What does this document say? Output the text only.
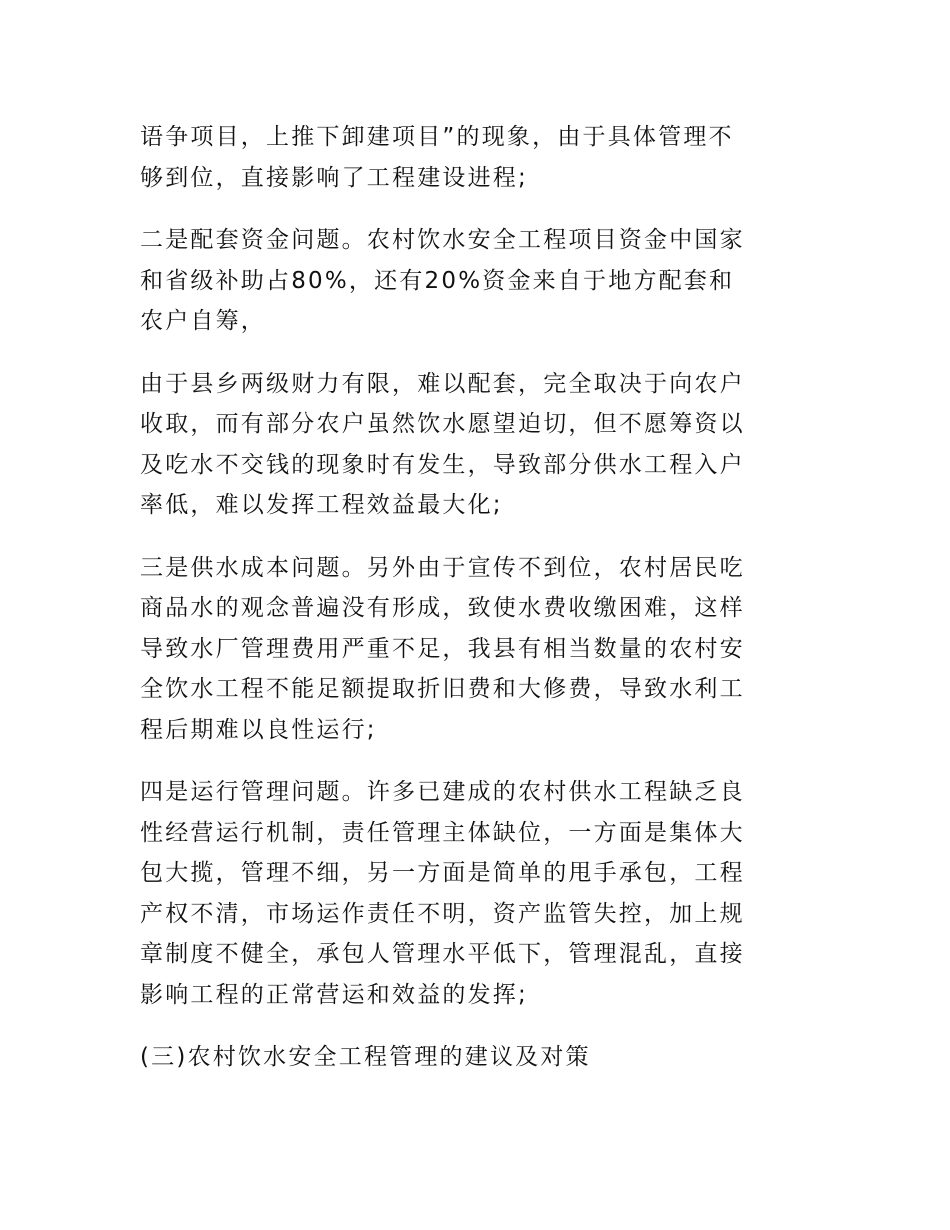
语争项目，上推下卸建项目”的现象，由于具体管理不
够到位，直接影响了工程建设进程;

二是配套资金问题。农村饮水安全工程项目资金中国家
和省级补助占80%，还有20%资金来自于地方配套和
农户自筹，

由于县乡两级财力有限，难以配套，完全取决于向农户
收取，而有部分农户虽然饮水愿望迫切，但不愿筹资以
及吃水不交钱的现象时有发生，导致部分供水工程入户
率低，难以发挥工程效益最大化;

三是供水成本问题。另外由于宣传不到位，农村居民吃
商品水的观念普遍没有形成，致使水费收缴困难，这样
导致水厂管理费用严重不足，我县有相当数量的农村安
全饮水工程不能足额提取折旧费和大修费，导致水利工
程后期难以良性运行;

四是运行管理问题。许多已建成的农村供水工程缺乏良
性经营运行机制，责任管理主体缺位，一方面是集体大
包大揽，管理不细，另一方面是简单的甩手承包，工程
产权不清，市场运作责任不明，资产监管失控，加上规
章制度不健全，承包人管理水平低下，管理混乱，直接
影响工程的正常营运和效益的发挥;

(三)农村饮水安全工程管理的建议及对策
